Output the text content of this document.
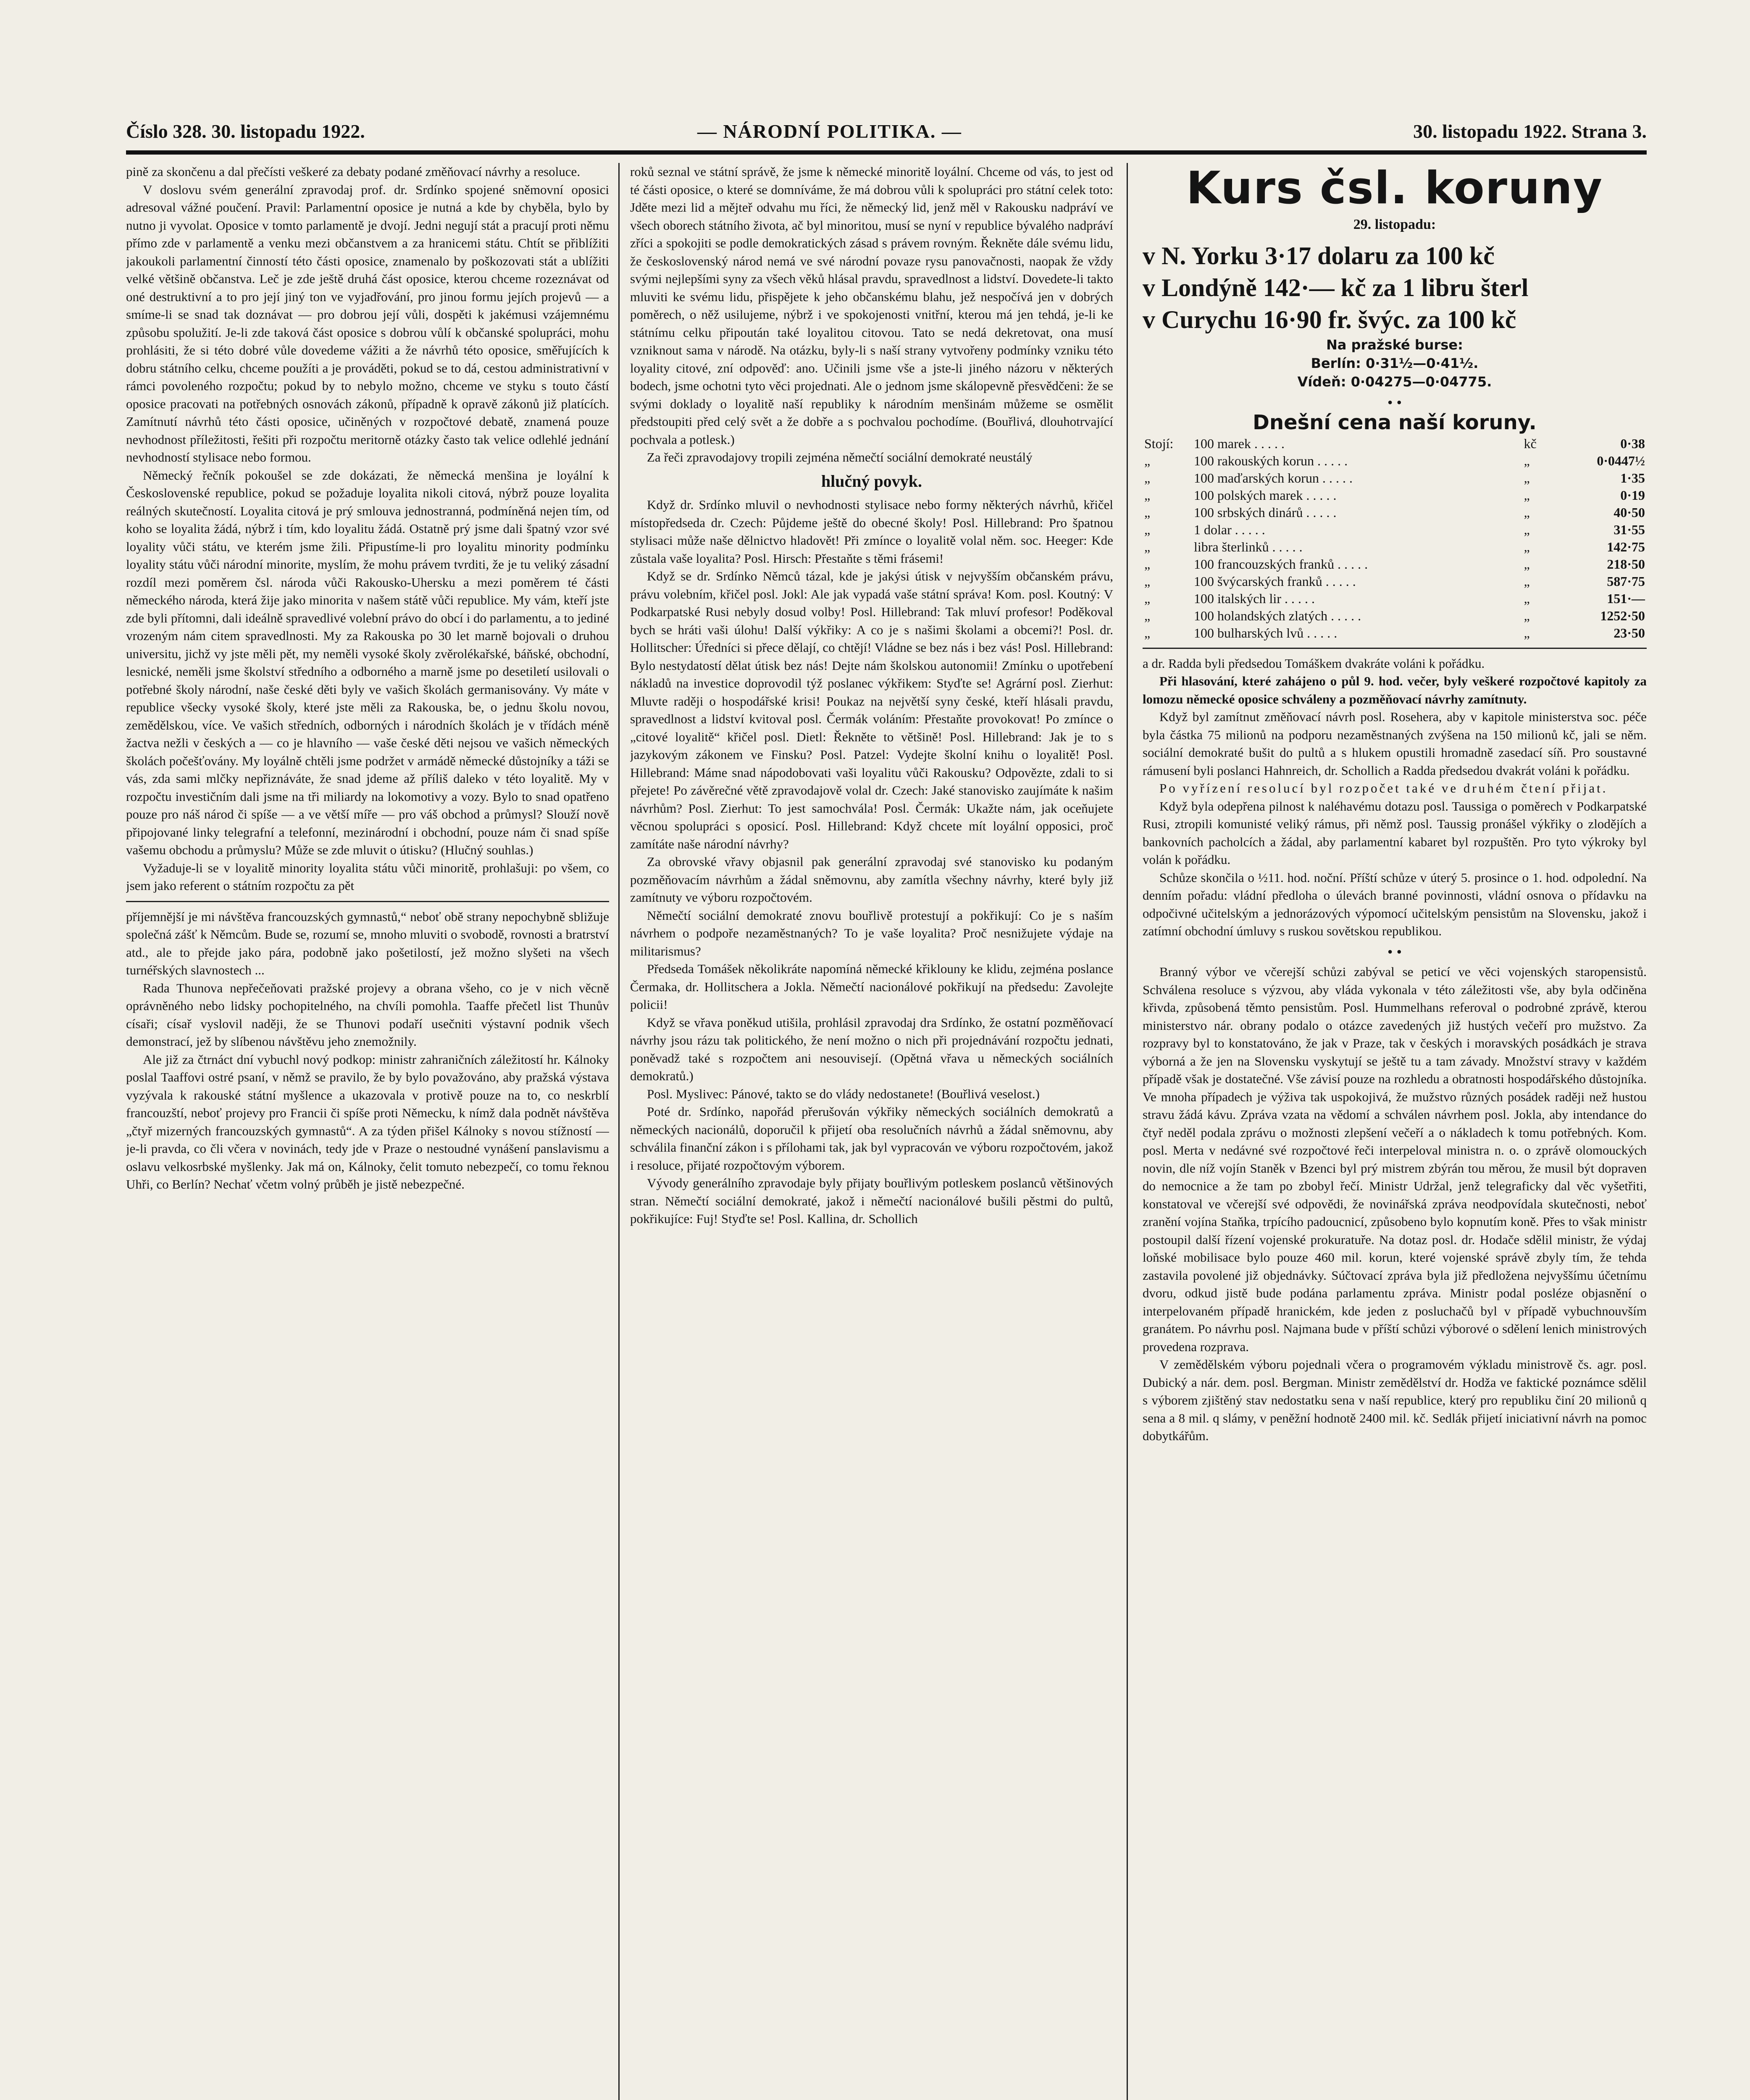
Číslo 328. 30. listopadu 1922.	— NÁRODNÍ POLITIKA. —	30. listopadu 1922. Strana 3.

pině za skončenu a dal přečísti veškeré za debaty podané změňovací návrhy a resoluce.

V doslovu svém generální zpravodaj prof. dr. Srdínko spojené sněmovní oposici adresoval vážné poučení. Pravil: Parlamentní oposice je nutná a kde by chyběla, bylo by nutno ji vyvolat. Oposice v tomto parlamentě je dvojí. Jedni negují stát a pracují proti němu přímo zde v parlamentě a venku mezi občanstvem a za hranicemi státu. Chtít se přiblížiti jakoukoli parlamentní činností této části oposice, znamenalo by poškozovati stát a ublížiti velké většině občanstva. Leč je zde ještě druhá část oposice, kterou chceme rozeznávat od oné destruktivní a to pro její jiný ton ve vyjadřování, pro jinou formu jejích projevů — a smíme-li se snad tak doznávat — pro dobrou její vůli, dospěti k jakémusi vzájemnému způsobu spolužití. Je-li zde taková část oposice s dobrou vůlí k občanské spolupráci, mohu prohlásiti, že si této dobré vůle dovedeme vážiti a že návrhů této oposice, směřujících k dobru státního celku, chceme použíti a je prováděti, pokud se to dá, cestou administrativní v rámci povoleného rozpočtu; pokud by to nebylo možno, chceme ve styku s touto částí oposice pracovati na potřebných osnovách zákonů, případně k opravě zákonů již platících. Zamítnutí návrhů této části oposice, učiněných v rozpočtové debatě, znamená pouze nevhodnost příležitosti, řešiti při rozpočtu meritorně otázky často tak velice odlehlé jednání nevhodností stylisace nebo formou.

Německý řečník pokoušel se zde dokázati, že německá menšina je loyální k Československé republice, pokud se požaduje loyalita nikoli citová, nýbrž pouze loyalita reálných skutečností. Loyalita citová je prý smlouva jednostranná, podmíněná nejen tím, od koho se loyalita žádá, nýbrž i tím, kdo loyalitu žádá. Ostatně prý jsme dali špatný vzor své loyality vůči státu, ve kterém jsme žili. Připustíme-li pro loyalitu minority podmínku loyality státu vůči národní minorite, myslím, že mohu právem tvrditi, že je tu veliký zásadní rozdíl mezi poměrem čsl. národa vůči Rakousko-Uhersku a mezi poměrem té části německého národa, která žije jako minorita v našem státě vůči republice. My vám, kteří jste zde byli přítomni, dali ideálně spravedlivé volební právo do obcí i do parlamentu, a to jediné vrozeným nám citem spravedlnosti. My za Rakouska po 30 let marně bojovali o druhou universitu, jichž vy jste měli pět, my neměli vysoké školy zvěrolékařské, báňské, obchodní, lesnické, neměli jsme školství středního a odborného a marně jsme po desetiletí usilovali o potřebné školy národní, naše české děti byly ve vašich školách germanisovány. Vy máte v republice všecky vysoké školy, které jste měli za Rakouska, be, o jednu školu novou, zemědělskou, více. Ve vašich středních, odborných i národních školách je v třídách méně žactva nežli v českých a — co je hlavního — vaše české děti nejsou ve vašich německých školách počešťovány. My loyálně chtěli jsme podržet v armádě německé důstojníky a táži se vás, zda sami mlčky nepřiznáváte, že snad jdeme až příliš daleko v této loyalitě. My v rozpočtu investičním dali jsme na tři miliardy na lokomotivy a vozy. Bylo to snad opatřeno pouze pro náš národ či spíše — a ve větší míře — pro váš obchod a průmysl? Slouží nově připojované linky telegrafní a telefonní, mezinárodní i obchodní, pouze nám či snad spíše vašemu obchodu a průmyslu? Může se zde mluvit o útisku? (Hlučný souhlas.)

Vyžaduje-li se v loyalitě minority loyalita státu vůči minoritě, prohlašuji: po všem, co jsem jako referent o státním rozpočtu za pět

příjemnější je mi návštěva francouzských gymnastů,“ neboť obě strany nepochybně sbližuje společná zášť k Němcům. Bude se, rozumí se, mnoho mluviti o svobodě, rovnosti a bratrství atd., ale to přejde jako pára, podobně jako pošetilostí, jež možno slyšeti na všech turnéřských slavnostech ...

Rada Thunova nepřečeňovati pražské projevy a obrana všeho, co je v nich věcně oprávněného nebo lidsky pochopitelného, na chvíli pomohla. Taaffe přečetl list Thunův císaři; císař vyslovil naději, že se Thunovi podaří usečniti výstavní podnik všech demonstrací, jež by slíbenou návštěvu jeho znemožnily.

Ale již za čtrnáct dní vybuchl nový podkop: ministr zahraničních záležitostí hr. Kálnoky poslal Taaffovi ostré psaní, v němž se pravilo, že by bylo považováno, aby pražská výstava vyzývala k rakouské státní myšlence a ukazovala v protivě pouze na to, co neskrblí francouzští, neboť projevy pro Francii či spíše proti Německu, k nímž dala podnět návštěva „čtyř mizerných francouzských gymnastů“. A za týden přišel Kálnoky s novou stížností — je-li pravda, co čli včera v novinách, tedy jde v Praze o nestoudné vynášení panslavismu a oslavu velkosrbské myšlenky. Jak má on, Kálnoky, čelit tomuto nebezpečí, co tomu řeknou Uhři, co Berlín? Nechať včetm volný průběh je jistě nebezpečné.

roků seznal ve státní správě, že jsme k německé minoritě loyální. Chceme od vás, to jest od té části oposice, o které se domníváme, že má dobrou vůli k spolupráci pro státní celek toto: Jděte mezi lid a mějteř odvahu mu říci, že německý lid, jenž měl v Rakousku nadpráví ve všech oborech státního života, ač byl minoritou, musí se nyní v republice bývalého nadpráví zříci a spokojiti se podle demokratických zásad s právem rovným. Řekněte dále svému lidu, že československý národ nemá ve své národní povaze rysu panovačnosti, naopak že vždy svými nejlepšími syny za všech věků hlásal pravdu, spravedlnost a lidství. Dovedete-li takto mluviti ke svému lidu, přispějete k jeho občanskému blahu, jež nespočívá jen v dobrých poměrech, o něž usilujeme, nýbrž i ve spokojenosti vnitřní, kterou má jen tehdá, je-li ke státnímu celku připoután také loyalitou citovou. Tato se nedá dekretovat, ona musí vzniknout sama v národě. Na otázku, byly-li s naší strany vytvořeny podmínky vzniku této loyality citové, zní odpověď: ano. Učinili jsme vše a jste-li jiného názoru v některých bodech, jsme ochotni tyto věci projednati. Ale o jednom jsme skálopevně přesvědčeni: že se svými doklady o loyalitě naší republiky k národním menšinám můžeme se osmělit předstoupiti před celý svět a že dobře a s pochvalou pochodíme. (Bouřlivá, dlouhotrvající pochvala a potlesk.)

Za řeči zpravodajovy tropili zejména němečtí sociální demokraté neustálý

hlučný povyk.

Když dr. Srdínko mluvil o nevhodnosti stylisace nebo formy některých návrhů, křičel místopředseda dr. Czech: Půjdeme ještě do obecné školy! Posl. Hillebrand: Pro špatnou stylisaci může naše dělnictvo hladovět! Při zmínce o loyalitě volal něm. soc. Heeger: Kde zůstala vaše loyalita? Posl. Hirsch: Přestaňte s těmi frásemi!

Když se dr. Srdínko Němců tázal, kde je jakýsi útisk v nejvyšším občanském právu, právu volebním, křičel posl. Jokl: Ale jak vypadá vaše státní správa! Kom. posl. Koutný: V Podkarpatské Rusi nebyly dosud volby! Posl. Hillebrand: Tak mluví profesor! Poděkoval bych se hráti vaši úlohu! Další výkřiky: A co je s našimi školami a obcemi?! Posl. dr. Hollitscher: Úředníci si přece dělají, co chtějí! Vládne se bez nás i bez vás! Posl. Hillebrand: Bylo nestydatostí dělat útisk bez nás! Dejte nám školskou autonomii! Zmínku o upotřebení nákladů na investice doprovodil týž poslanec výkřikem: Styďte se! Agrární posl. Zierhut: Mluvte raději o hospodářské krisi! Poukaz na největší syny české, kteří hlásali pravdu, spravedlnost a lidství kvitoval posl. Čermák voláním: Přestaňte provokovat! Po zmínce o „citové loyalitě“ křičel posl. Dietl: Řekněte to většině! Posl. Hillebrand: Jak je to s jazykovým zákonem ve Finsku? Posl. Patzel: Vydejte školní knihu o loyalitě! Posl. Hillebrand: Máme snad nápodobovati vaši loyalitu vůči Rakousku? Odpovězte, zdali to si přejete! Po závěrečné větě zpravodajově volal dr. Czech: Jaké stanovisko zaujímáte k našim návrhům? Posl. Zierhut: To jest samochvála! Posl. Čermák: Ukažte nám, jak oceňujete věcnou spolupráci s oposicí. Posl. Hillebrand: Když chcete mít loyální opposici, proč zamítáte naše národní návrhy?

Za obrovské vřavy objasnil pak generální zpravodaj své stanovisko ku podaným pozměňovacím návrhům a žádal sněmovnu, aby zamítla všechny návrhy, které byly již zamítnuty ve výboru rozpočtovém.

Němečtí sociální demokraté znovu bouřlivě protestují a pokřikují: Co je s naším návrhem o podpoře nezaměstnaných? To je vaše loyalita? Proč nesnižujete výdaje na militarismus?

Předseda Tomášek několikráte napomíná německé křiklouny ke klidu, zejména poslance Čermaka, dr. Hollitschera a Jokla. Němečtí nacionálové pokřikují na předsedu: Zavolejte policii!

Když se vřava poněkud utišila, prohlásil zpravodaj dra Srdínko, že ostatní pozměňovací návrhy jsou rázu tak politického, že není možno o nich při projednávání rozpočtu jednati, poněvadž také s rozpočtem ani nesouvisejí. (Opětná vřava u německých sociálních demokratů.)

Posl. Myslivec: Pánové, takto se do vlády nedostanete! (Bouřlivá veselost.)

Poté dr. Srdínko, napořád přerušován výkřiky německých sociálních demokratů a německých nacionálů, doporučil k přijetí oba resolučních návrhů a žádal sněmovnu, aby schválila finanční zákon i s přílohami tak, jak byl vypracován ve výboru rozpočtovém, jakož i resoluce, přijaté rozpočtovým výborem.

Vývody generálního zpravodaje byly přijaty bouřlivým potleskem poslanců většinových stran. Němečtí sociální demokraté, jakož i němečtí nacionálové bušili pěstmi do pultů, pokřikujíce: Fuj! Styďte se! Posl. Kallina, dr. Schollich

Kurs čsl. koruny
29. listopadu:
v N. Yorku 3·17 dolaru za 100 kč
v Londýně 142·— kč za 1 libru šterl
v Curychu 16·90 fr. švýc. za 100 kč
Na pražské burse:
Berlín: 0·31½—0·41½.
Vídeň: 0·04275—0·04775.
• •
Dnešní cena naší koruny.
Stojí:	100 marek . . . . .	kč	0·38
„	100 rakouských korun . . . . .	„	0·0447½
„	100 maďarských korun . . . . .	„	1·35
„	100 polských marek . . . . .	„	0·19
„	100 srbských dinárů . . . . .	„	40·50
„	1 dolar . . . . .	„	31·55
„	libra šterlinků . . . . .	„	142·75
„	100 francouzských franků . . . . .	„	218·50
„	100 švýcarských franků . . . . .	„	587·75
„	100 italských lir . . . . .	„	151·—
„	100 holandských zlatých . . . . .	„	1252·50
„	100 bulharských lvů . . . . .	„	23·50

a dr. Radda byli předsedou Tomáškem dvakráte voláni k pořádku.

Při hlasování, které zahájeno o půl 9. hod. večer, byly veškeré rozpočtové kapitoly za lomozu německé oposice schváleny a pozměňovací návrhy zamítnuty.

Když byl zamítnut změňovací návrh posl. Rosehera, aby v kapitole ministerstva soc. péče byla částka 75 milionů na podporu nezaměstnaných zvýšena na 150 milionů kč, jali se něm. sociální demokraté bušit do pultů a s hlukem opustili hromadně zasedací síň. Pro soustavné rámusení byli poslanci Hahnreich, dr. Schollich a Radda předsedou dvakrát voláni k pořádku.

Po vyřízení resolucí byl rozpočet také ve druhém čtení přijat.

Když byla odepřena pilnost k naléhavému dotazu posl. Taussiga o poměrech v Podkarpatské Rusi, ztropili komunisté veliký rámus, při němž posl. Taussig pronášel výkřiky o zlodějích a bankovních pacholcích a žádal, aby parlamentní kabaret byl rozpuštěn. Pro tyto výkroky byl volán k pořádku.

Schůze skončila o ½11. hod. noční. Příští schůze v úterý 5. prosince o 1. hod. odpolední. Na denním pořadu: vládní předloha o úlevách branné povinnosti, vládní osnova o přídavku na odpočivné učitelským a jednorázových výpomocí učitelským pensistům na Slovensku, jakož i zatímní obchodní úmluvy s ruskou sovětskou republikou.

• •

Branný výbor ve včerejší schůzi zabýval se peticí ve věci vojenských staropensistů. Schválena resoluce s výzvou, aby vláda vykonala v této záležitosti vše, aby byla odčiněna křivda, způsobená těmto pensistům. Posl. Hummelhans referoval o podrobné zprávě, kterou ministerstvo nár. obrany podalo o otázce zavedených již hustých večeří pro mužstvo. Za rozpravy byl to konstatováno, že jak v Praze, tak v českých i moravských posádkách je strava výborná a že jen na Slovensku vyskytují se ještě tu a tam závady. Množství stravy v každém případě však je dostatečné. Vše závisí pouze na rozhledu a obratnosti hospodářského důstojníka. Ve mnoha případech je výživa tak uspokojivá, že mužstvo různých posádek raději než hustou stravu žádá kávu. Zpráva vzata na vědomí a schválen návrhem posl. Jokla, aby intendance do čtyř neděl podala zprávu o možnosti zlepšení večeří a o nákladech k tomu potřebných. Kom. posl. Merta v nedávné své rozpočtové řeči interpeloval ministra n. o. o zprávě olomouckých novin, dle níž vojín Staněk v Bzenci byl prý mistrem zbýrán tou měrou, že musil být dopraven do nemocnice a že tam po zbobyl řečí. Ministr Udržal, jenž telegraficky dal věc vyšetřiti, konstatoval ve včerejší své odpovědi, že novinářská zpráva neodpovídala skutečnosti, neboť zranění vojína Staňka, trpícího padoucnicí, způsobeno bylo kopnutím koně. Přes to však ministr postoupil další řízení vojenské prokuratuře. Na dotaz posl. dr. Hodače sdělil ministr, že výdaj loňské mobilisace bylo pouze 460 mil. korun, které vojenské správě zbyly tím, že tehda zastavila povolené již objednávky. Súčtovací zpráva byla již předložena nejvyššímu účetnímu dvoru, odkud jistě bude podána parlamentu zpráva. Ministr podal posléze objasnění o interpelovaném případě hranickém, kde jeden z posluchačů byl v případě vybuchnouvším granátem. Po návrhu posl. Najmana bude v příští schůzi výborové o sdělení lenich ministrových provedena rozprava.

V zemědělském výboru pojednali včera o programovém výkladu ministrově čs. agr. posl. Dubický a nár. dem. posl. Bergman. Ministr zemědělství dr. Hodža ve faktické poznámce sdělil s výborem zjištěný stav nedostatku sena v naší republice, který pro republiku činí 20 milionů q sena a 8 mil. q slámy, v peněžní hodnotě 2400 mil. kč. Sedlák přijetí iniciativní návrh na pomoc dobytkářům.
